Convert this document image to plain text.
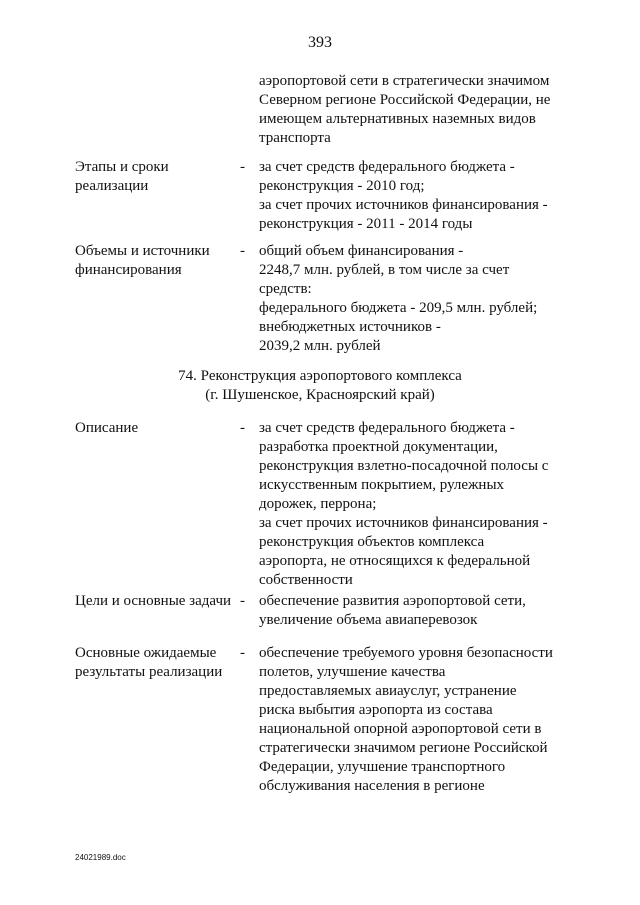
393
аэропортовой сети в стратегически значимом
Северном регионе Российской Федерации, не
имеющем альтернативных наземных видов
транспорта
Этапы и сроки
реализации
- за счет средств федерального бюджета -
реконструкция - 2010 год;
за счет прочих источников финансирования -
реконструкция - 2011 - 2014 годы
Объемы и источники
финансирования
- общий объем финансирования -
2248,7 млн. рублей, в том числе за счет
средств:
федерального бюджета - 209,5 млн. рублей;
внебюджетных источников -
2039,2 млн. рублей
74. Реконструкция аэропортового комплекса
(г. Шушенское, Красноярский край)
Описание	- за счет средств федерального бюджета -
разработка проектной документации,
реконструкция взлетно-посадочной полосы с
искусственным покрытием, рулежных
дорожек, перрона;
за счет прочих источников финансирования -
реконструкция объектов комплекса
аэропорта, не относящихся к федеральной
собственности
Цели и основные задачи - обеспечение развития аэропортовой сети,
увеличение объема авиаперевозок
Основные ожидаемые
результаты реализации
- обеспечение требуемого уровня безопасности
полетов, улучшение качества
предоставляемых авиауслуг, устранение
риска выбытия аэропорта из состава
национальной опорной аэропортовой сети в
стратегически значимом регионе Российской
Федерации, улучшение транспортного
обслуживания населения в регионе
24021989.doc
